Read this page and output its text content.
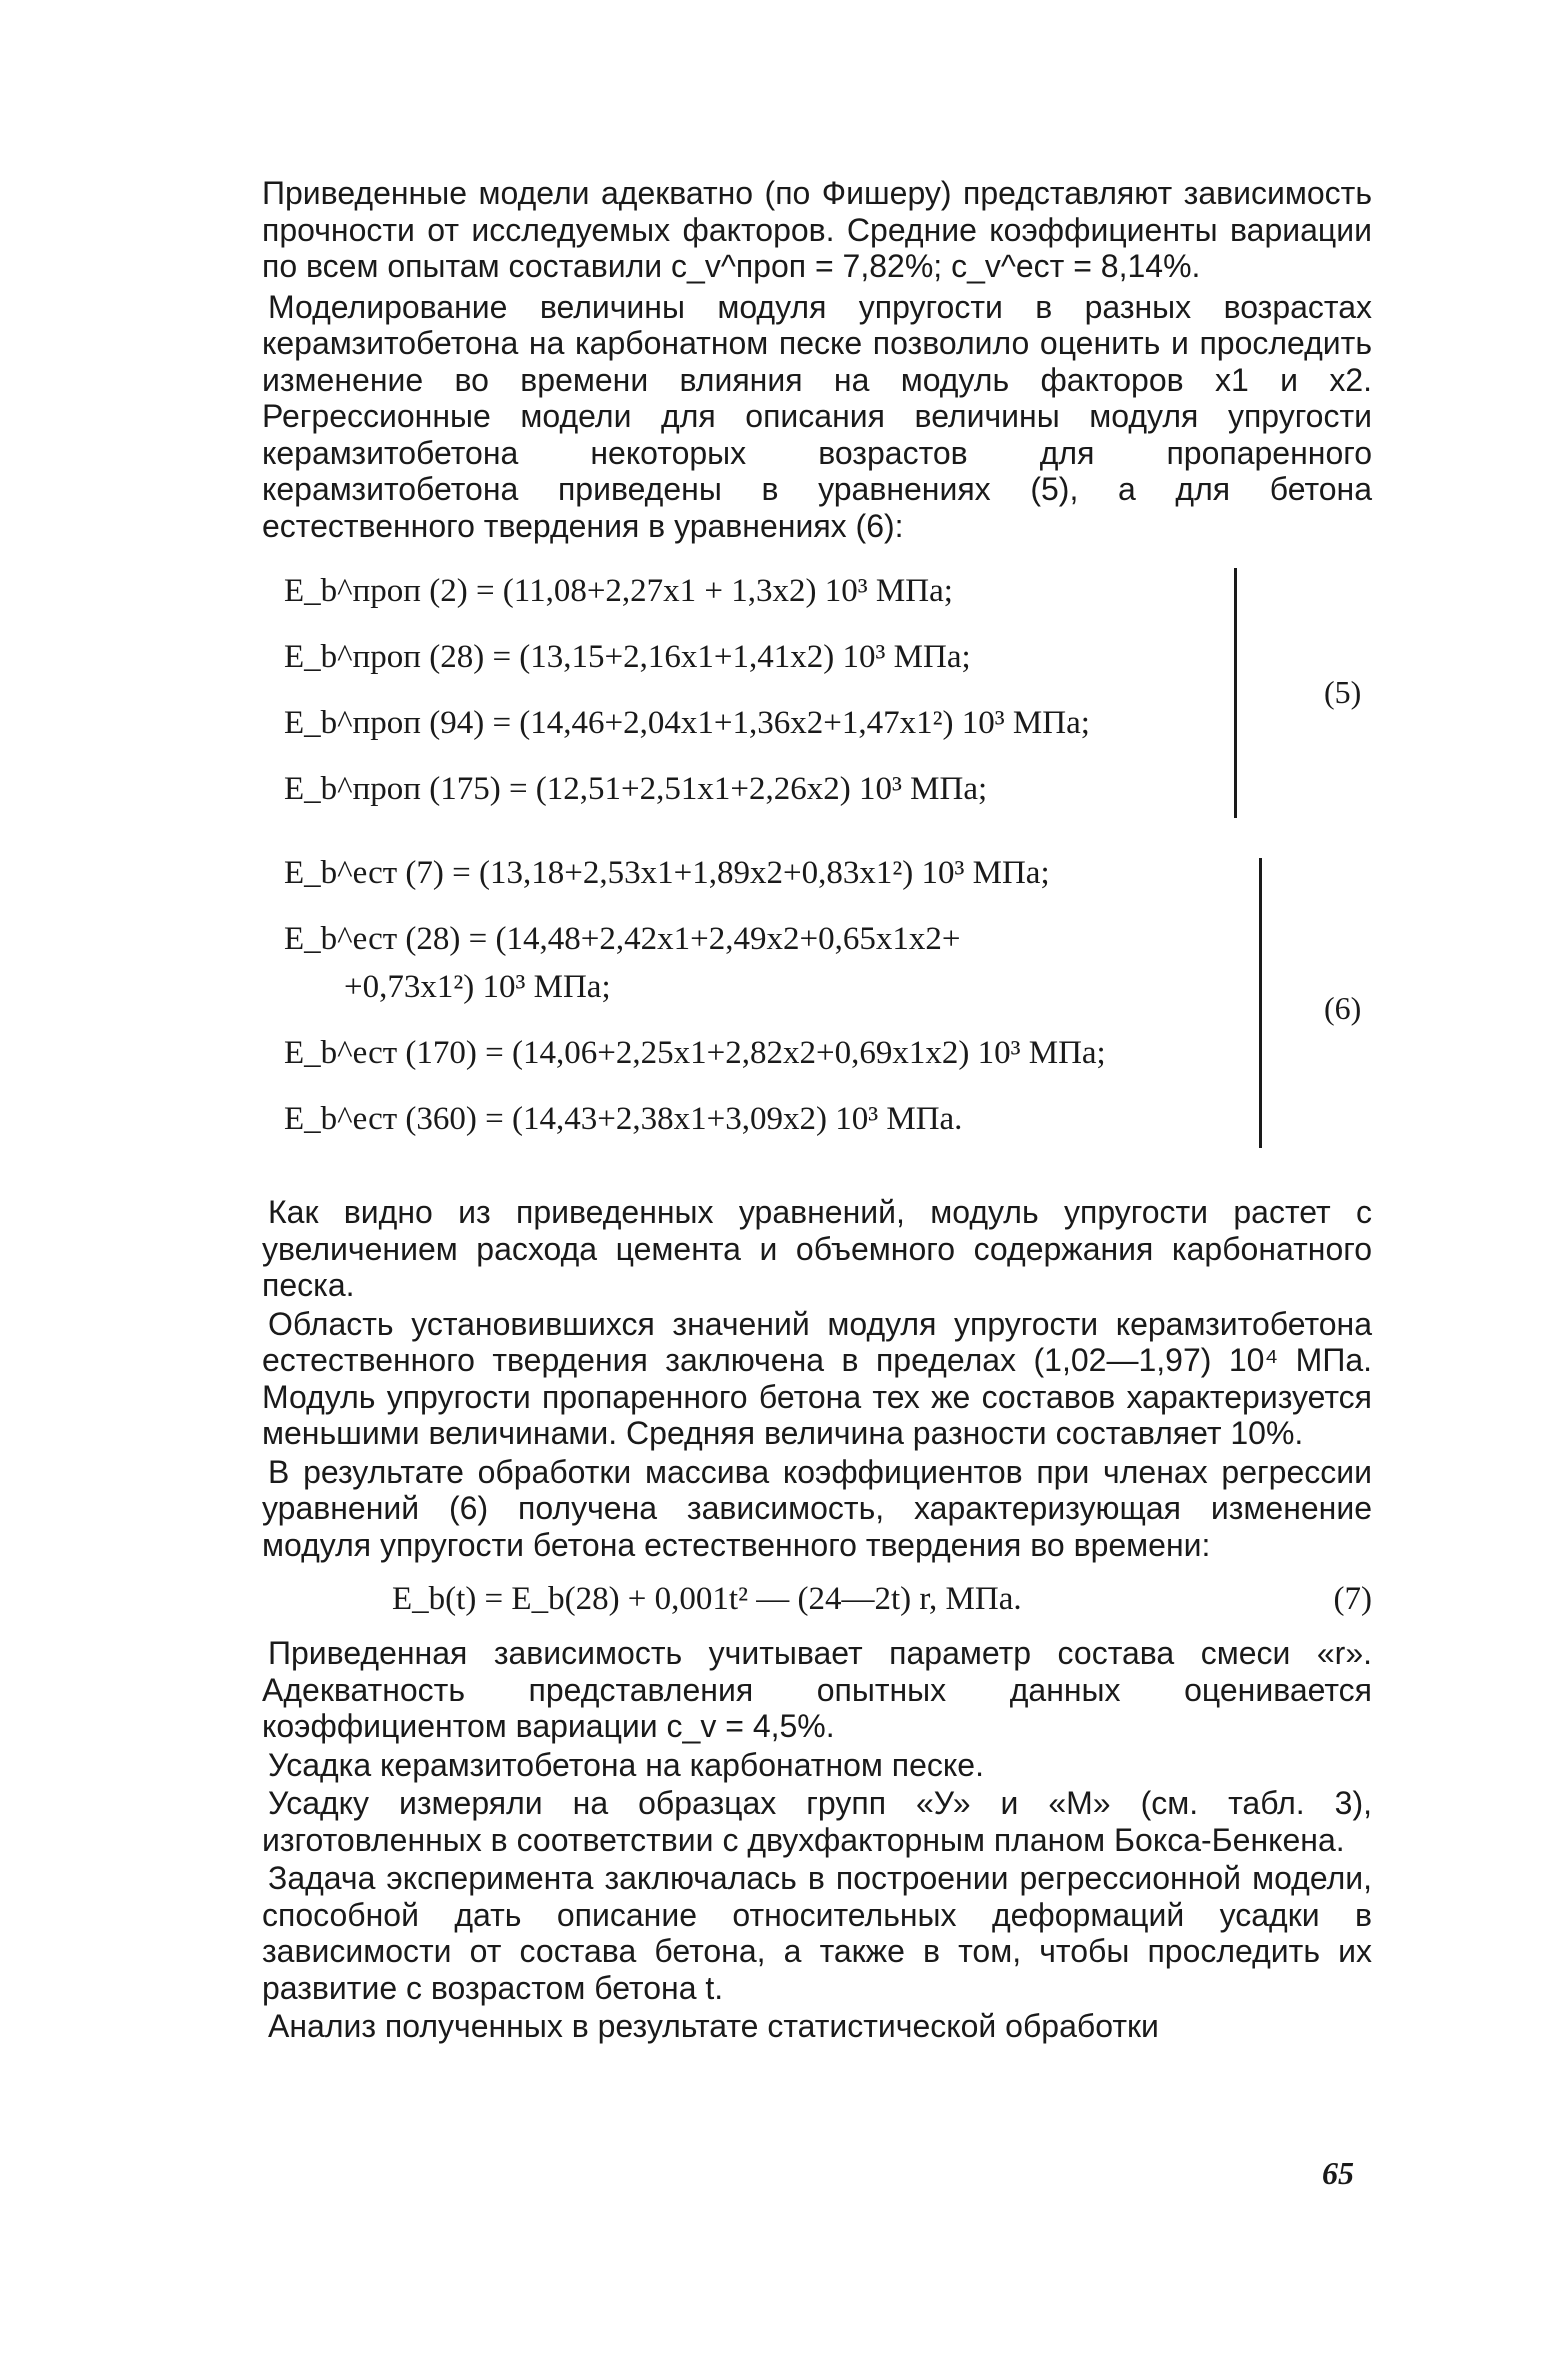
Приведенные модели адекватно (по Фишеру) представляют зависимость прочности от исследуемых факторов. Средние коэффициенты вариации по всем опытам составили c_v^проп = 7,82%; c_v^ест = 8,14%.

Моделирование величины модуля упругости в разных возрастах керамзитобетона на карбонатном песке позволило оценить и проследить изменение во времени влияния на модуль факторов x1 и x2. Регрессионные модели для описания величины модуля упругости керамзитобетона некоторых возрастов для пропаренного керамзитобетона приведены в уравнениях (5), а для бетона естественного твердения в уравнениях (6):

E_b^проп (2) = (11,08+2,27x1 + 1,3x2) 10³ МПа;
E_b^проп (28) = (13,15+2,16x1+1,41x2) 10³ МПа;
E_b^проп (94) = (14,46+2,04x1+1,36x2+1,47x1²) 10³ МПа;
E_b^проп (175) = (12,51+2,51x1+2,26x2) 10³ МПа;
(5)
E_b^ест (7) = (13,18+2,53x1+1,89x2+0,83x1²) 10³ МПа;
E_b^ест (28) = (14,48+2,42x1+2,49x2+0,65x1x2+
+0,73x1²) 10³ МПа;
E_b^ест (170) = (14,06+2,25x1+2,82x2+0,69x1x2) 10³ МПа;
E_b^ест (360) = (14,43+2,38x1+3,09x2) 10³ МПа.
(6)

Как видно из приведенных уравнений, модуль упругости растет с увеличением расхода цемента и объемного содержания карбонатного песка.

Область установившихся значений модуля упругости керамзитобетона естественного твердения заключена в пределах (1,02—1,97) 10⁴ МПа. Модуль упругости пропаренного бетона тех же составов характеризуется меньшими величинами. Средняя величина разности составляет 10%.

В результате обработки массива коэффициентов при членах регрессии уравнений (6) получена зависимость, характеризующая изменение модуля упругости бетона естественного твердения во времени:

E_b(t) = E_b(28) + 0,001t² — (24—2t) r, МПа.	(7)

Приведенная зависимость учитывает параметр состава смеси «r». Адекватность представления опытных данных оценивается коэффициентом вариации c_v = 4,5%.

Усадка керамзитобетона на карбонатном песке.

Усадку измеряли на образцах групп «У» и «М» (см. табл. 3), изготовленных в соответствии с двухфакторным планом Бокса-Бенкена.

Задача эксперимента заключалась в построении регрессионной модели, способной дать описание относительных деформаций усадки в зависимости от состава бетона, а также в том, чтобы проследить их развитие с возрастом бетона t.

Анализ полученных в результате статистической обработки

65
